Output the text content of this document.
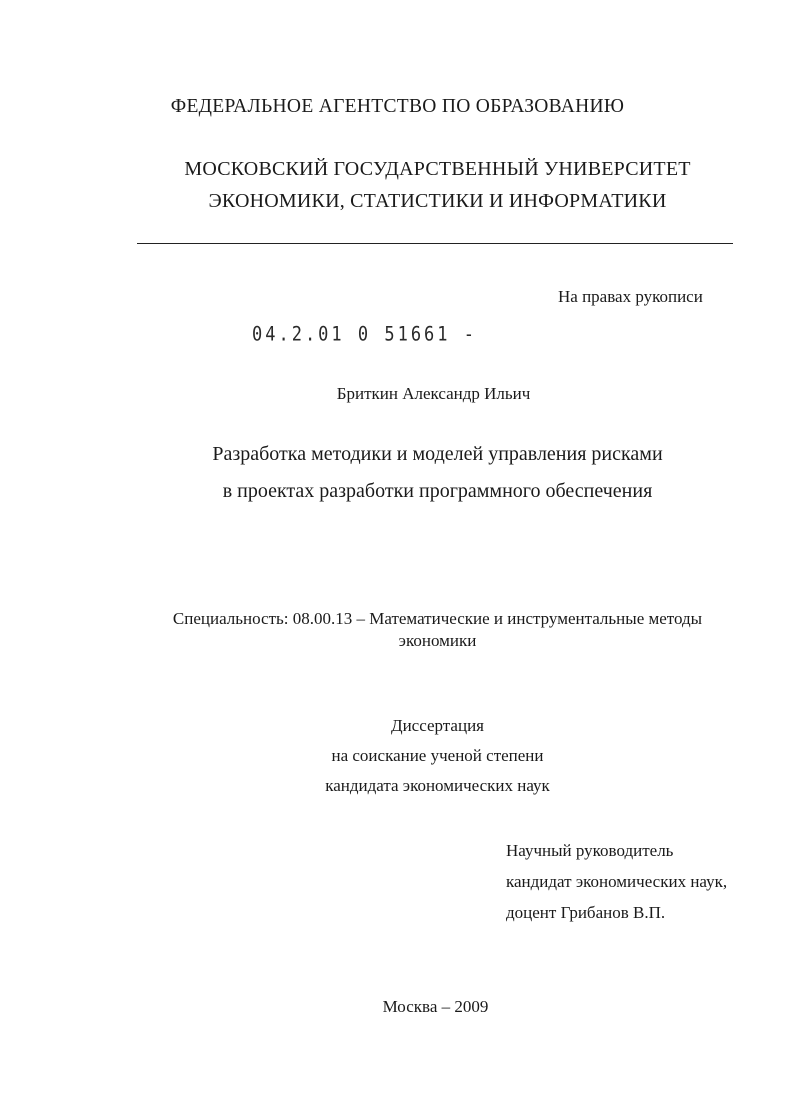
ФЕДЕРАЛЬНОЕ АГЕНТСТВО ПО ОБРАЗОВАНИЮ
МОСКОВСКИЙ ГОСУДАРСТВЕННЫЙ УНИВЕРСИТЕТ
ЭКОНОМИКИ, СТАТИСТИКИ И ИНФОРМАТИКИ
На правах рукописи
04.2.01 0 51661 -
Бриткин Александр Ильич
Разработка методики и моделей управления рисками
в проектах разработки программного обеспечения
Специальность: 08.00.13 – Математические и инструментальные методы
экономики
Диссертация
на соискание ученой степени
кандидата экономических наук
Научный руководитель
кандидат экономических наук,
доцент Грибанов В.П.
Москва – 2009
